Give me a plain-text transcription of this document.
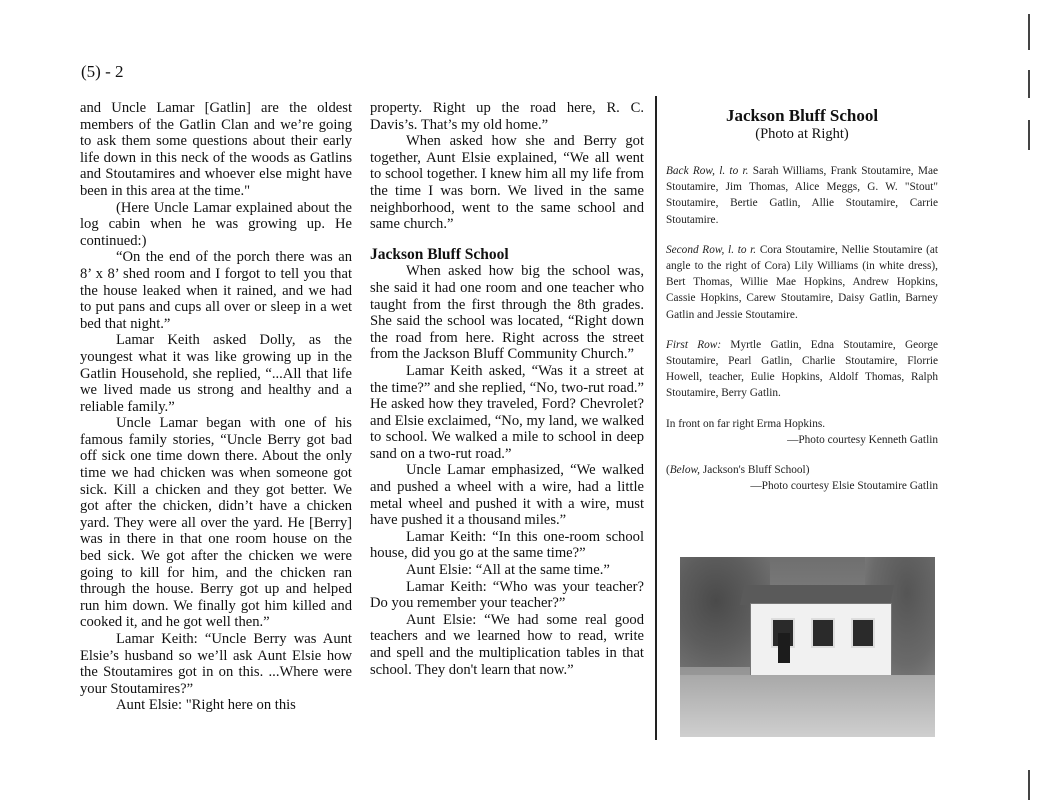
(5) - 2

and Uncle Lamar [Gatlin] are the oldest members of the Gatlin Clan and we’re going to ask them some questions about their early life down in this neck of the woods as Gatlins and Stoutamires and whoever else might have been in this area at the time."

(Here Uncle Lamar explained about the log cabin when he was growing up. He continued:)

“On the end of the porch there was an 8’ x 8’ shed room and I forgot to tell you that the house leaked when it rained, and we had to put pans and cups all over or sleep in a wet bed that night.”

Lamar Keith asked Dolly, as the youngest what it was like growing up in the Gatlin Household, she replied, “...All that life we lived made us strong and healthy and a reliable family.”

Uncle Lamar began with one of his famous family stories, “Uncle Berry got bad off sick one time down there. About the only time we had chicken was when someone got sick. Kill a chicken and they got better. We got after the chicken, didn’t have a chicken yard. They were all over the yard. He [Berry] was in there in that one room house on the bed sick. We got after the chicken we were going to kill for him, and the chicken ran through the house. Berry got up and helped run him down. We finally got him killed and cooked it, and he got well then.”

Lamar Keith: “Uncle Berry was Aunt Elsie’s husband so we’ll ask Aunt Elsie how the Stoutamires got in on this. ...Where were your Stoutamires?”

Aunt Elsie: "Right here on this

property. Right up the road here, R. C. Davis’s. That’s my old home.”

When asked how she and Berry got together, Aunt Elsie explained, “We all went to school together. I knew him all my life from the time I was born. We lived in the same neighborhood, went to the same school and same church.”

Jackson Bluff School

When asked how big the school was, she said it had one room and one teacher who taught from the first through the 8th grades. She said the school was located, “Right down the road from here. Right across the street from the Jackson Bluff Community Church.”

Lamar Keith asked, “Was it a street at the time?” and she replied, “No, two-rut road.” He asked how they traveled, Ford? Chevrolet? and Elsie exclaimed, “No, my land, we walked to school. We walked a mile to school in deep sand on a two-rut road.”

Uncle Lamar emphasized, “We walked and pushed a wheel with a wire, had a little metal wheel and pushed it with a wire, must have pushed it a thousand miles.”

Lamar Keith: “In this one-room school house, did you go at the same time?”

Aunt Elsie: “All at the same time.”

Lamar Keith: “Who was your teacher? Do you remember your teacher?”

Aunt Elsie: “We had some real good teachers and we learned how to read, write and spell and the multiplication tables in that school. They don't learn that now.”

Jackson Bluff School
(Photo at Right)

Back Row, l. to r. Sarah Williams, Frank Stoutamire, Mae Stoutamire, Jim Thomas, Alice Meggs, G. W. "Stout" Stoutamire, Bertie Gatlin, Allie Stoutamire, Carrie Stoutamire.

Second Row, l. to r. Cora Stoutamire, Nellie Stoutamire (at angle to the right of Cora) Lily Williams (in white dress), Bert Thomas, Willie Mae Hopkins, Andrew Hopkins, Cassie Hopkins, Carew Stoutamire, Daisy Gatlin, Barney Gatlin and Jessie Stoutamire.

First Row: Myrtle Gatlin, Edna Stoutamire, George Stoutamire, Pearl Gatlin, Charlie Stoutamire, Florrie Howell, teacher, Eulie Hopkins, Aldolf Thomas, Ralph Stoutamire, Berry Gatlin.

In front on far right Erma Hopkins.

—Photo courtesy Kenneth Gatlin

(Below, Jackson's Bluff School)

—Photo courtesy Elsie Stoutamire Gatlin
